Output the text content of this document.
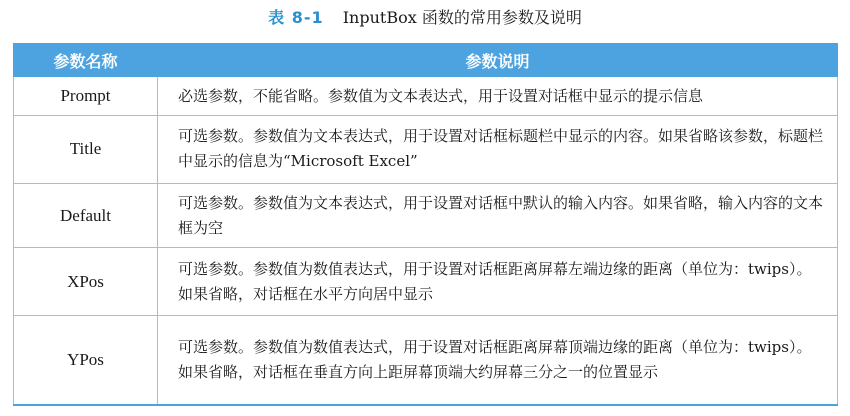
表 8-1 InputBox 函数的常用参数及说明
参数名称	参数说明
Prompt	必选参数，不能省略。参数值为文本表达式，用于设置对话框中显示的提示信息
Title	可选参数。参数值为文本表达式，用于设置对话框标题栏中显示的内容。如果省略该参数，标题栏中显示的信息为“Microsoft Excel”
Default	可选参数。参数值为文本表达式，用于设置对话框中默认的输入内容。如果省略，输入内容的文本框为空
XPos	可选参数。参数值为数值表达式，用于设置对话框距离屏幕左端边缘的距离（单位为：twips）。如果省略，对话框在水平方向居中显示
YPos	可选参数。参数值为数值表达式，用于设置对话框距离屏幕顶端边缘的距离（单位为：twips）。如果省略，对话框在垂直方向上距屏幕顶端大约屏幕三分之一的位置显示
